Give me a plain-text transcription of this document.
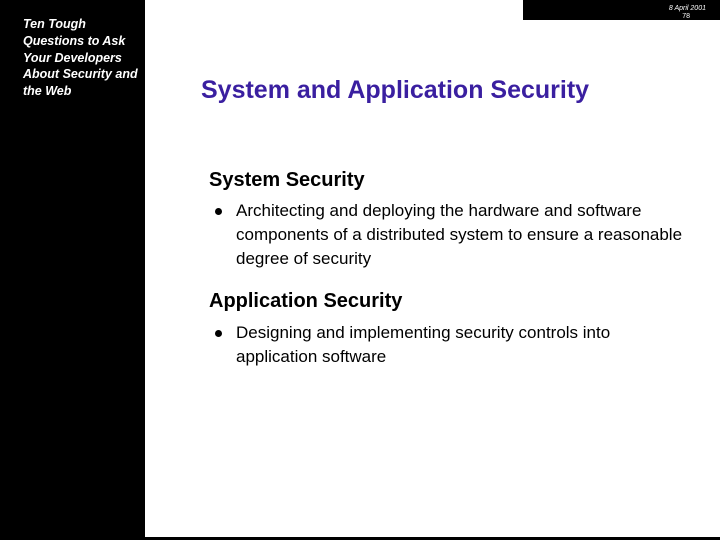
Ten Tough Questions to Ask Your Developers About Security and the Web	System and Application Security
System Security
Architecting and deploying the hardware and software components of a distributed system to ensure a reasonable degree of security
Application Security
Designing and implementing security controls into application software
8 April 2001
78
